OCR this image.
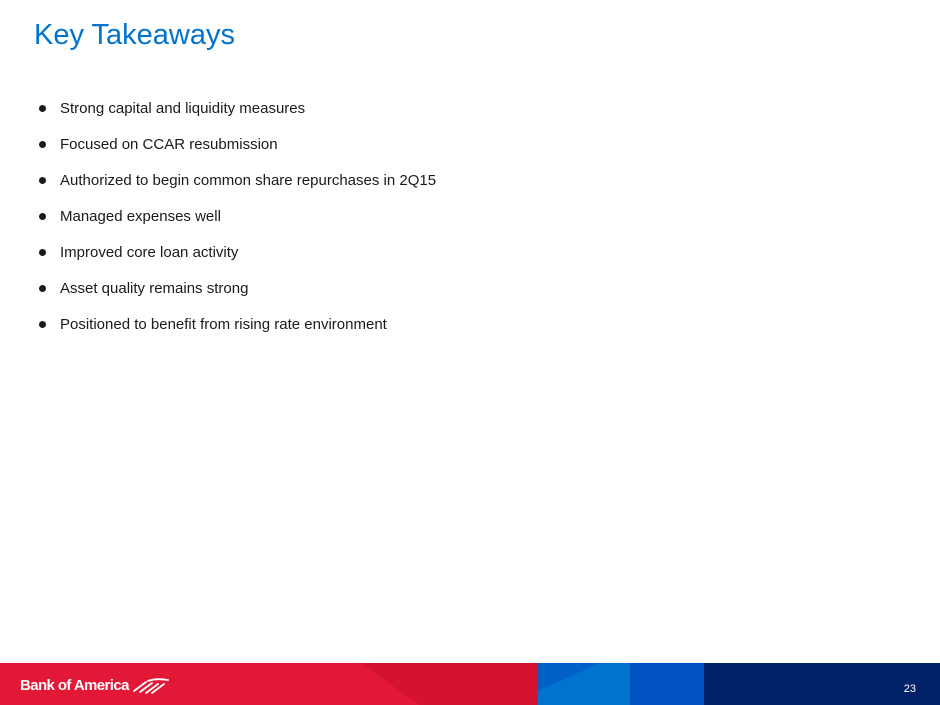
Key Takeaways
Strong capital and liquidity measures
Focused on CCAR resubmission
Authorized to begin common share repurchases in 2Q15
Managed expenses well
Improved core loan activity
Asset quality remains strong
Positioned to benefit from rising rate environment
Bank of America	23
